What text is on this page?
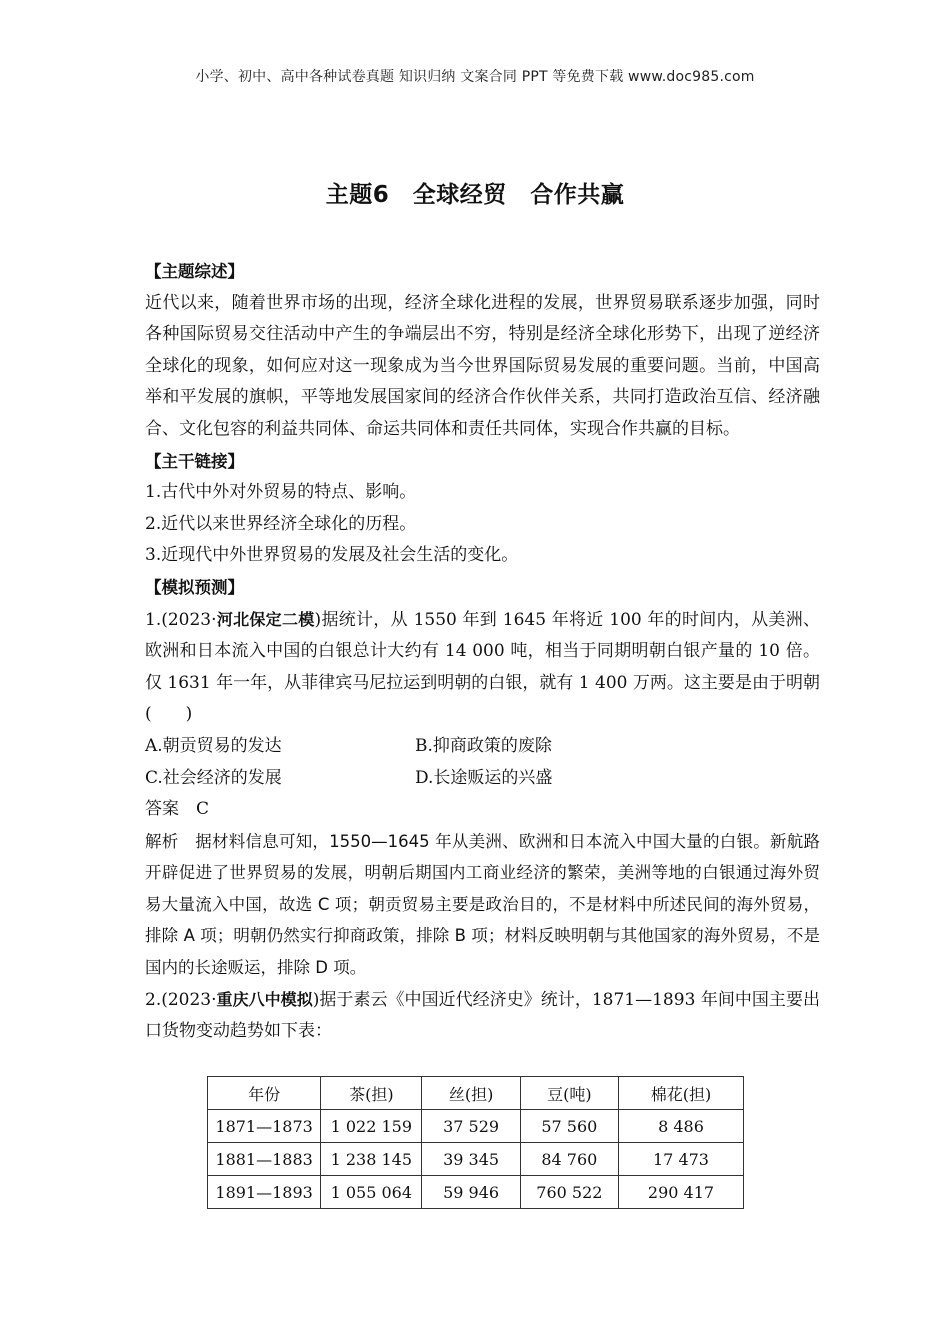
小学、初中、高中各种试卷真题 知识归纳 文案合同 PPT 等免费下载 www.doc985.com
主题6　全球经贸　合作共赢
【主题综述】

近代以来，随着世界市场的出现，经济全球化进程的发展，世界贸易联系逐步加强，同时各种国际贸易交往活动中产生的争端层出不穷，特别是经济全球化形势下，出现了逆经济全球化的现象，如何应对这一现象成为当今世界国际贸易发展的重要问题。当前，中国高举和平发展的旗帜，平等地发展国家间的经济合作伙伴关系，共同打造政治互信、经济融合、文化包容的利益共同体、命运共同体和责任共同体，实现合作共赢的目标。

【主干链接】

1.古代中外对外贸易的特点、影响。

2.近代以来世界经济全球化的历程。

3.近现代中外世界贸易的发展及社会生活的变化。

【模拟预测】

1.(2023·河北保定二模)据统计，从 1550 年到 1645 年将近 100 年的时间内，从美洲、欧洲和日本流入中国的白银总计大约有 14 000 吨，相当于同期明朝白银产量的 10 倍。仅 1631 年一年，从菲律宾马尼拉运到明朝的白银，就有 1 400 万两。这主要是由于明朝(　　)

A.朝贡贸易的发达	B.抑商政策的废除
C.社会经济的发展	D.长途贩运的兴盛

答案　C

解析　据材料信息可知，1550—1645 年从美洲、欧洲和日本流入中国大量的白银。新航路开辟促进了世界贸易的发展，明朝后期国内工商业经济的繁荣，美洲等地的白银通过海外贸易大量流入中国，故选 C 项；朝贡贸易主要是政治目的，不是材料中所述民间的海外贸易，排除 A 项；明朝仍然实行抑商政策，排除 B 项；材料反映明朝与其他国家的海外贸易，不是国内的长途贩运，排除 D 项。

2.(2023·重庆八中模拟)据于素云《中国近代经济史》统计，1871—1893 年间中国主要出口货物变动趋势如下表：

年份	茶(担)	丝(担)	豆(吨)	棉花(担)
1871—1873	1 022 159	37 529	57 560	8 486
1881—1883	1 238 145	39 345	84 760	17 473
1891—1893	1 055 064	59 946	760 522	290 417
